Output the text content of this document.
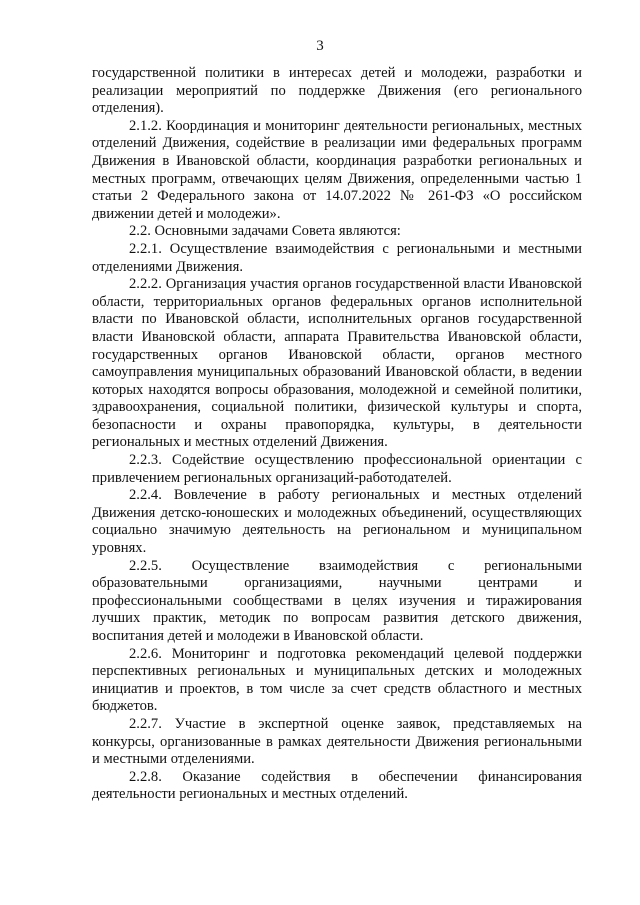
3

государственной политики в интересах детей и молодежи, разработки и реализации мероприятий по поддержке Движения (его регионального отделения).

2.1.2. Координация и мониторинг деятельности региональных, местных отделений Движения, содействие в реализации ими федеральных программ Движения в Ивановской области, координация разработки региональных и местных программ, отвечающих целям Движения, определенными частью 1 статьи 2 Федерального закона от 14.07.2022 № 261-ФЗ «О российском движении детей и молодежи».

2.2. Основными задачами Совета являются:

2.2.1. Осуществление взаимодействия с региональными и местными отделениями Движения.

2.2.2. Организация участия органов государственной власти Ивановской области, территориальных органов федеральных органов исполнительной власти по Ивановской области, исполнительных органов государственной власти Ивановской области, аппарата Правительства Ивановской области, государственных органов Ивановской области, органов местного самоуправления муниципальных образований Ивановской области, в ведении которых находятся вопросы образования, молодежной и семейной политики, здравоохранения, социальной политики, физической культуры и спорта, безопасности и охраны правопорядка, культуры, в деятельности региональных и местных отделений Движения.

2.2.3. Содействие осуществлению профессиональной ориентации с привлечением региональных организаций-работодателей.

2.2.4. Вовлечение в работу региональных и местных отделений Движения детско-юношеских и молодежных объединений, осуществляющих социально значимую деятельность на региональном и муниципальном уровнях.

2.2.5. Осуществление взаимодействия с региональными образовательными организациями, научными центрами и профессиональными сообществами в целях изучения и тиражирования лучших практик, методик по вопросам развития детского движения, воспитания детей и молодежи в Ивановской области.

2.2.6. Мониторинг и подготовка рекомендаций целевой поддержки перспективных региональных и муниципальных детских и молодежных инициатив и проектов, в том числе за счет средств областного и местных бюджетов.

2.2.7. Участие в экспертной оценке заявок, представляемых на конкурсы, организованные в рамках деятельности Движения региональными и местными отделениями.

2.2.8. Оказание содействия в обеспечении финансирования деятельности региональных и местных отделений.
